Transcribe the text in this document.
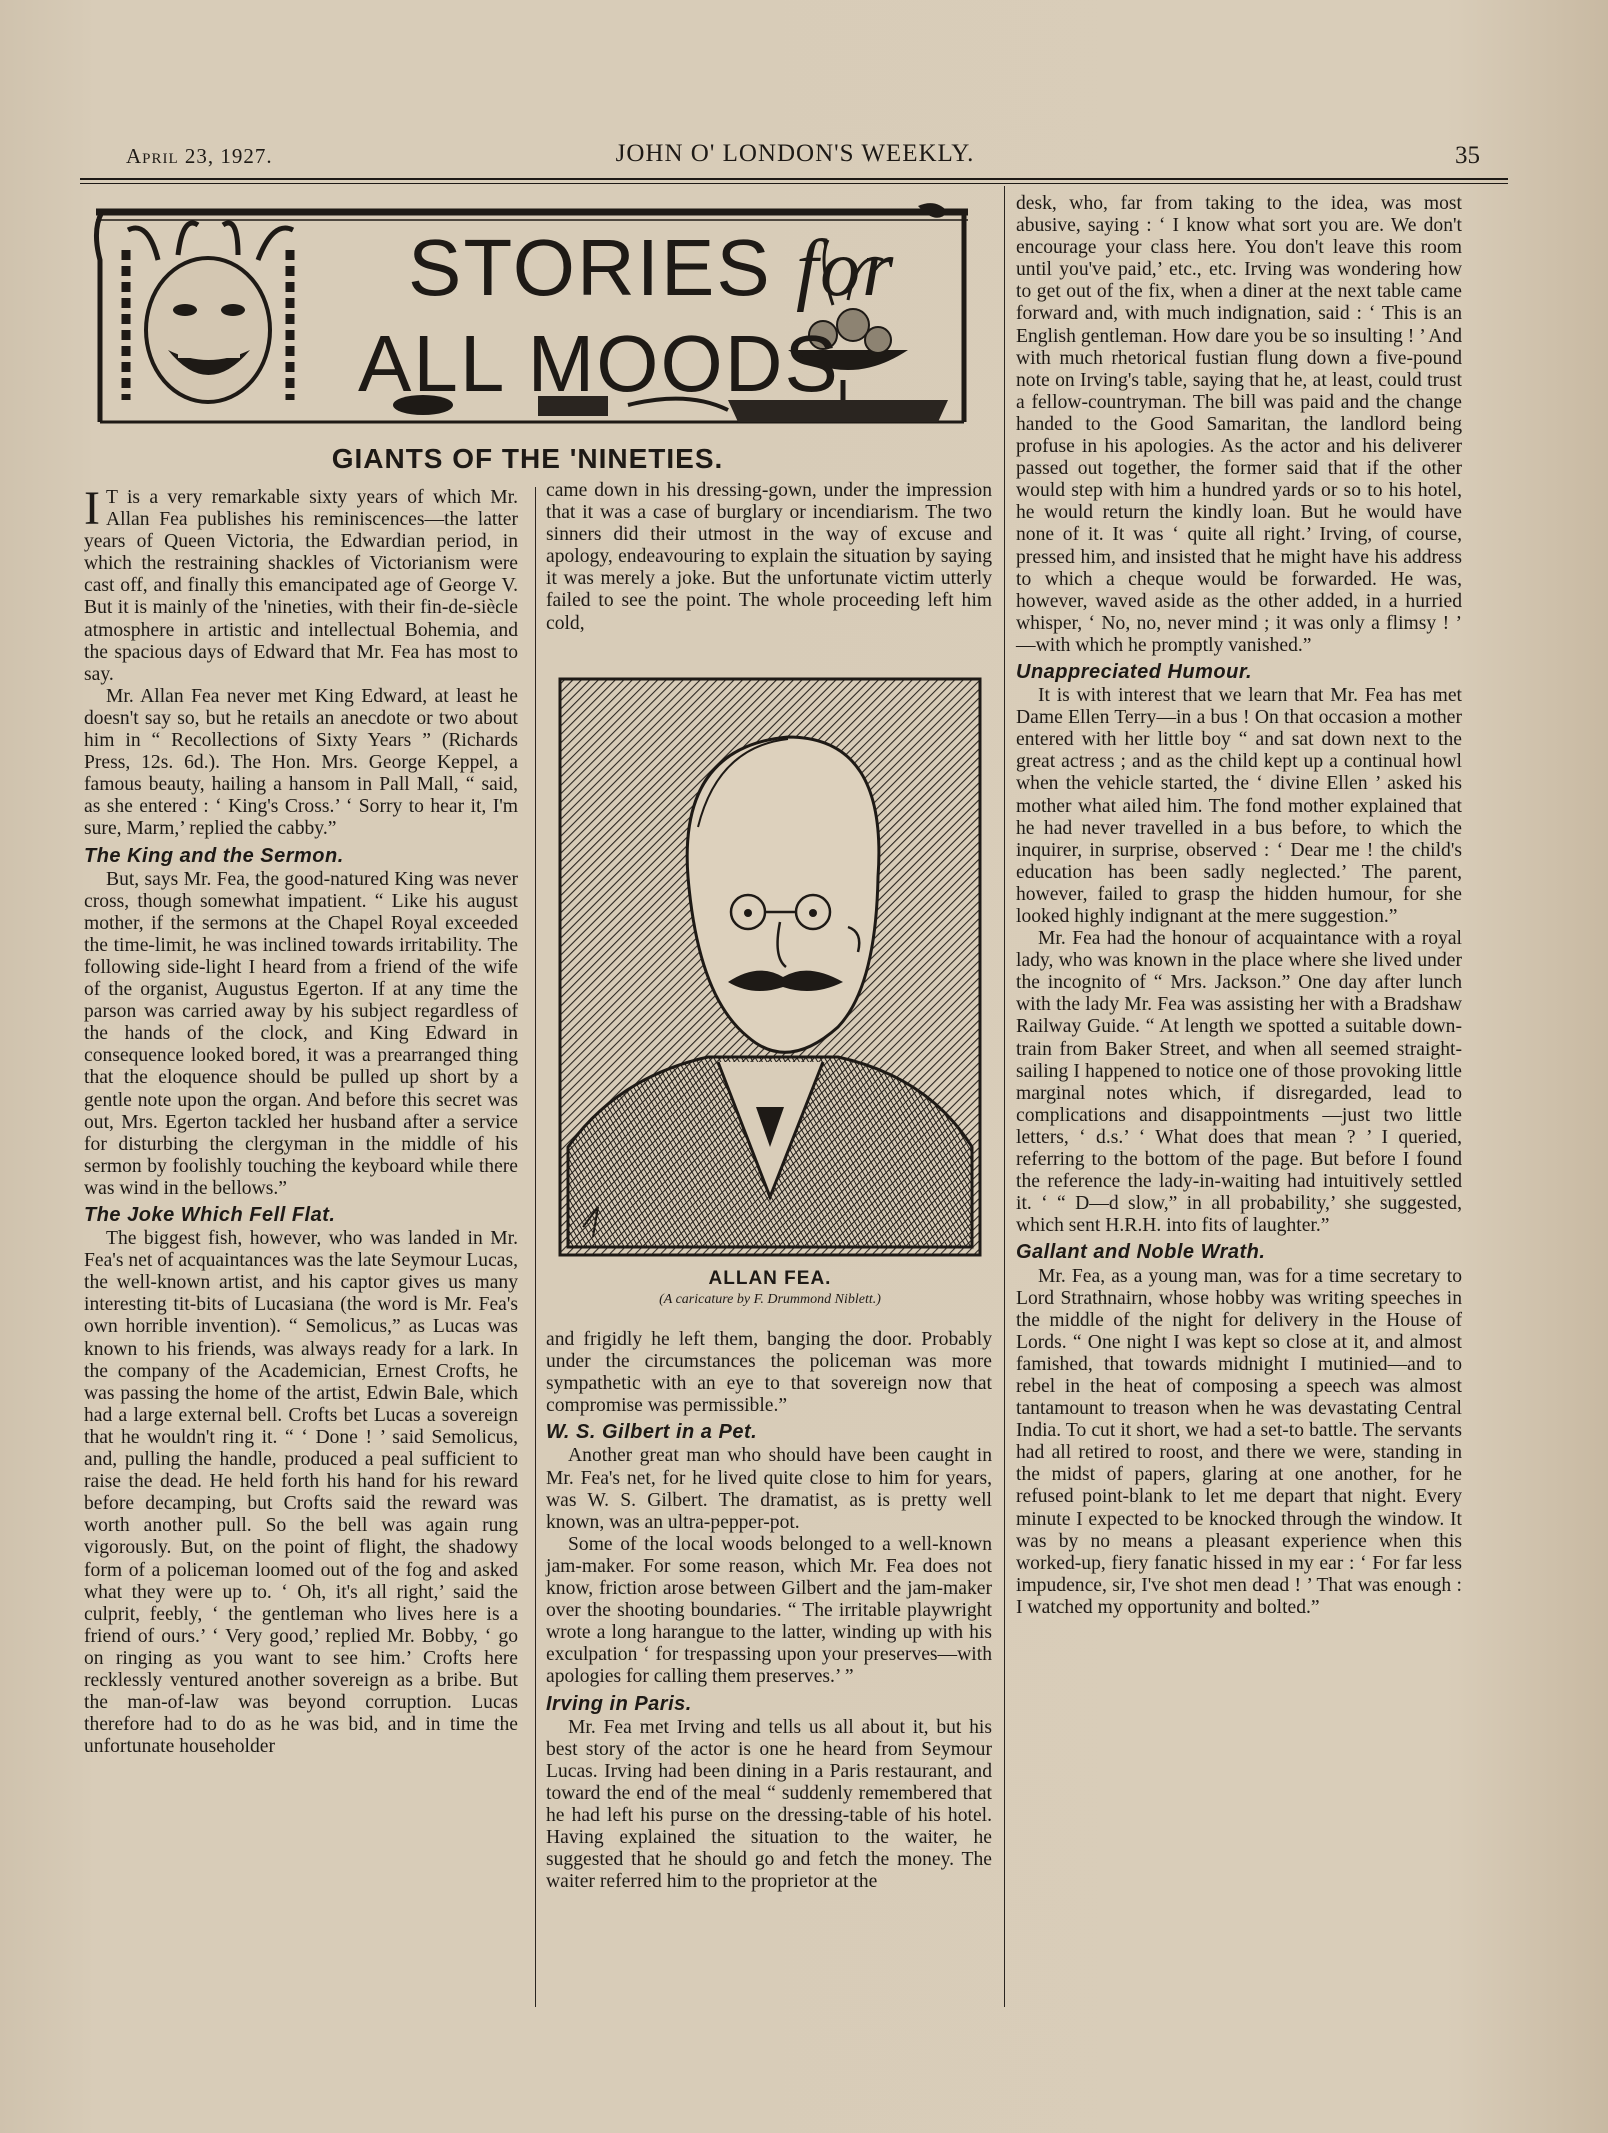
April 23, 1927.	JOHN O' LONDON'S WEEKLY.	35
STORIES for
ALL MOODS
GIANTS OF THE 'NINETIES.

I T is a very remarkable sixty years of which Mr. Allan Fea publishes his reminiscences—the latter years of Queen Victoria, the Edwardian period, in which the restraining shackles of Victorianism were cast off, and finally this emancipated age of George V. But it is mainly of the 'nineties, with their fin-de-siècle atmosphere in artistic and intellectual Bohemia, and the spacious days of Edward that Mr. Fea has most to say.

Mr. Allan Fea never met King Edward, at least he doesn't say so, but he retails an anecdote or two about him in “ Recollections of Sixty Years ” (Richards Press, 12s. 6d.). The Hon. Mrs. George Keppel, a famous beauty, hailing a hansom in Pall Mall, “ said, as she entered : ‘ King's Cross.’ ‘ Sorry to hear it, I'm sure, Marm,’ replied the cabby.”

The King and the Sermon.

But, says Mr. Fea, the good-natured King was never cross, though somewhat impatient. “ Like his august mother, if the sermons at the Chapel Royal exceeded the time-limit, he was inclined towards irritability. The following side-light I heard from a friend of the wife of the organist, Augustus Egerton. If at any time the parson was carried away by his subject regardless of the hands of the clock, and King Edward in consequence looked bored, it was a prearranged thing that the eloquence should be pulled up short by a gentle note upon the organ. And before this secret was out, Mrs. Egerton tackled her husband after a service for disturbing the clergyman in the middle of his sermon by foolishly touching the keyboard while there was wind in the bellows.”

The Joke Which Fell Flat.

The biggest fish, however, who was landed in Mr. Fea's net of acquaintances was the late Seymour Lucas, the well-known artist, and his captor gives us many interesting tit-bits of Lucasiana (the word is Mr. Fea's own horrible invention). “ Semolicus,” as Lucas was known to his friends, was always ready for a lark. In the company of the Academician, Ernest Crofts, he was passing the home of the artist, Edwin Bale, which had a large external bell. Crofts bet Lucas a sovereign that he wouldn't ring it. “ ‘ Done ! ’ said Semolicus, and, pulling the handle, produced a peal sufficient to raise the dead. He held forth his hand for his reward before decamping, but Crofts said the reward was worth another pull. So the bell was again rung vigorously. But, on the point of flight, the shadowy form of a policeman loomed out of the fog and asked what they were up to. ‘ Oh, it's all right,’ said the culprit, feebly, ‘ the gentleman who lives here is a friend of ours.’ ‘ Very good,’ replied Mr. Bobby, ‘ go on ringing as you want to see him.’ Crofts here recklessly ventured another sovereign as a bribe. But the man-of-law was beyond corruption. Lucas therefore had to do as he was bid, and in time the unfortunate householder

came down in his dressing-gown, under the impression that it was a case of burglary or incendiarism. The two sinners did their utmost in the way of excuse and apology, endeavouring to explain the situation by saying it was merely a joke. But the unfortunate victim utterly failed to see the point. The whole proceeding left him cold,

ALLAN FEA.
(A caricature by F. Drummond Niblett.)

and frigidly he left them, banging the door. Probably under the circumstances the policeman was more sympathetic with an eye to that sovereign now that compromise was permissible.”

W. S. Gilbert in a Pet.

Another great man who should have been caught in Mr. Fea's net, for he lived quite close to him for years, was W. S. Gilbert. The dramatist, as is pretty well known, was an ultra-pepper-pot.

Some of the local woods belonged to a well-known jam-maker. For some reason, which Mr. Fea does not know, friction arose between Gilbert and the jam-maker over the shooting boundaries. “ The irritable playwright wrote a long harangue to the latter, winding up with his exculpation ‘ for trespassing upon your preserves—with apologies for calling them preserves.’ ”

Irving in Paris.

Mr. Fea met Irving and tells us all about it, but his best story of the actor is one he heard from Seymour Lucas. Irving had been dining in a Paris restaurant, and toward the end of the meal “ suddenly remembered that he had left his purse on the dressing-table of his hotel. Having explained the situation to the waiter, he suggested that he should go and fetch the money. The waiter referred him to the proprietor at the

desk, who, far from taking to the idea, was most abusive, saying : ‘ I know what sort you are. We don't encourage your class here. You don't leave this room until you've paid,’ etc., etc. Irving was wondering how to get out of the fix, when a diner at the next table came forward and, with much indignation, said : ‘ This is an English gentleman. How dare you be so insulting ! ’ And with much rhetorical fustian flung down a five-pound note on Irving's table, saying that he, at least, could trust a fellow-countryman. The bill was paid and the change handed to the Good Samaritan, the landlord being profuse in his apologies. As the actor and his deliverer passed out together, the former said that if the other would step with him a hundred yards or so to his hotel, he would return the kindly loan. But he would have none of it. It was ‘ quite all right.’ Irving, of course, pressed him, and insisted that he might have his address to which a cheque would be forwarded. He was, however, waved aside as the other added, in a hurried whisper, ‘ No, no, never mind ; it was only a flimsy ! ’ —with which he promptly vanished.”

Unappreciated Humour.

It is with interest that we learn that Mr. Fea has met Dame Ellen Terry—in a bus ! On that occasion a mother entered with her little boy “ and sat down next to the great actress ; and as the child kept up a continual howl when the vehicle started, the ‘ divine Ellen ’ asked his mother what ailed him. The fond mother explained that he had never travelled in a bus before, to which the inquirer, in surprise, observed : ‘ Dear me ! the child's education has been sadly neglected.’ The parent, however, failed to grasp the hidden humour, for she looked highly indignant at the mere suggestion.”

Mr. Fea had the honour of acquaintance with a royal lady, who was known in the place where she lived under the incognito of “ Mrs. Jackson.” One day after lunch with the lady Mr. Fea was assisting her with a Bradshaw Railway Guide. “ At length we spotted a suitable down-train from Baker Street, and when all seemed straight-sailing I happened to notice one of those provoking little marginal notes which, if disregarded, lead to complications and disappointments —just two little letters, ‘ d.s.’ ‘ What does that mean ? ’ I queried, referring to the bottom of the page. But before I found the reference the lady-in-waiting had intuitively settled it. ‘ “ D—d slow,” in all probability,’ she suggested, which sent H.R.H. into fits of laughter.”

Gallant and Noble Wrath.

Mr. Fea, as a young man, was for a time secretary to Lord Strathnairn, whose hobby was writing speeches in the middle of the night for delivery in the House of Lords. “ One night I was kept so close at it, and almost famished, that towards midnight I mutinied—and to rebel in the heat of composing a speech was almost tantamount to treason when he was devastating Central India. To cut it short, we had a set-to battle. The servants had all retired to roost, and there we were, standing in the midst of papers, glaring at one another, for he refused point-blank to let me depart that night. Every minute I expected to be knocked through the window. It was by no means a pleasant experience when this worked-up, fiery fanatic hissed in my ear : ‘ For far less impudence, sir, I've shot men dead ! ’ That was enough : I watched my opportunity and bolted.”
